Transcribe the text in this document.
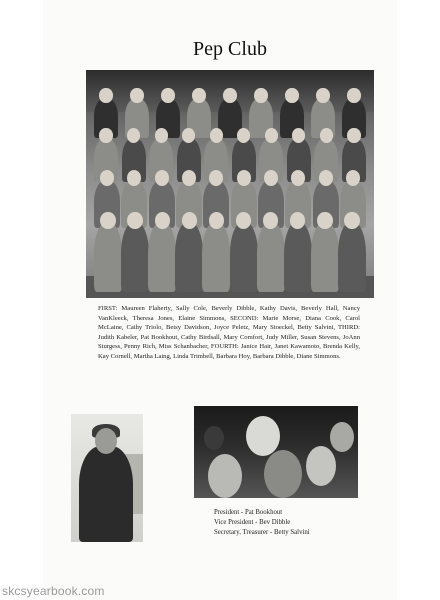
Pep Club
FIRST: Maureen Flaherty, Sally Cole, Beverly Dibble, Kathy Davis, Beverly Hall, Nancy VanKleeck, Theresa Jones, Elaine Simmons, SECOND: Marie Morse, Diana Cook, Carol McLaine, Cathy Triolo, Betsy Davidson, Joyce Peletz, Mary Stoeckel, Betty Salvini, THIRD: Judith Kabeler, Pat Bookhout, Cathy Birdsall, Mary Comfort, Judy Miller, Susan Stevens, JoAnn Sturgess, Penny Rich, Miss Schanbacher, FOURTH: Janice Hair, Janet Kawamoto, Brenda Kelly, Kay Cornell, Martha Laing, Linda Trimbell, Barbara Hoy, Barbara Dibble, Diane Simmons.
President - Pat Bookhout
Vice President - Bev Dibble
Secretary, Treasurer - Betty Salvini
skcsyearbook.com
